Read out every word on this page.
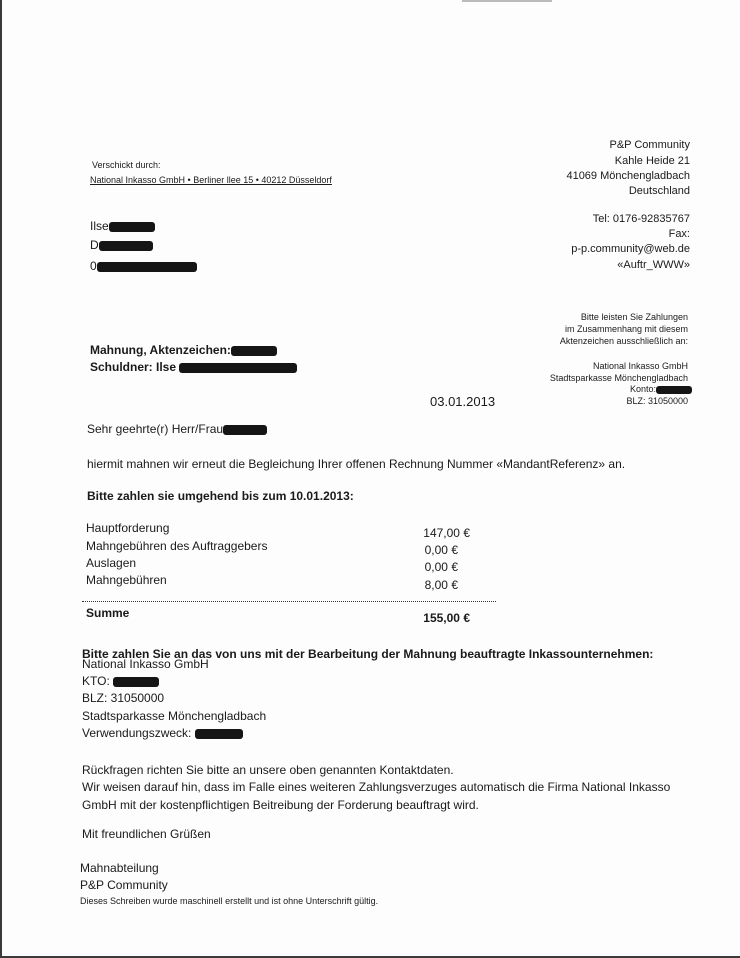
Verschickt durch:
National Inkasso GmbH • Berliner llee 15 • 40212 Düsseldorf
P&P Community
Kahle Heide 21
41069 Mönchengladbach
Deutschland
Tel: 0176-92835767
Fax:
p-p.community@web.de
«Auftr_WWW»
Ilse
D
0
Bitte leisten Sie Zahlungen
im Zusammenhang mit diesem
Aktenzeichen ausschließlich an:
National Inkasso GmbH
Stadtsparkasse Mönchengladbach
Konto:
BLZ: 31050000
Mahnung, Aktenzeichen:
Schuldner: Ilse
03.01.2013
Sehr geehrte(r) Herr/Frau
hiermit mahnen wir erneut die Begleichung Ihrer offenen Rechnung Nummer «MandantReferenz» an.
Bitte zahlen sie umgehend bis zum 10.01.2013:
Hauptforderung	147,00 €
Mahngebühren des Auftraggebers	0,00 €
Auslagen	0,00 €
Mahngebühren	8,00 €
Summe	155,00 €
Bitte zahlen Sie an das von uns mit der Bearbeitung der Mahnung beauftragte Inkassounternehmen:
National Inkasso GmbH
KTO:
BLZ: 31050000
Stadtsparkasse Mönchengladbach
Verwendungszweck:
Rückfragen richten Sie bitte an unsere oben genannten Kontaktdaten.
Wir weisen darauf hin, dass im Falle eines weiteren Zahlungsverzuges automatisch die Firma National Inkasso
GmbH mit der kostenpflichtigen Beitreibung der Forderung beauftragt wird.
Mit freundlichen Grüßen
Mahnabteilung
P&P Community
Dieses Schreiben wurde maschinell erstellt und ist ohne Unterschrift gültig.
